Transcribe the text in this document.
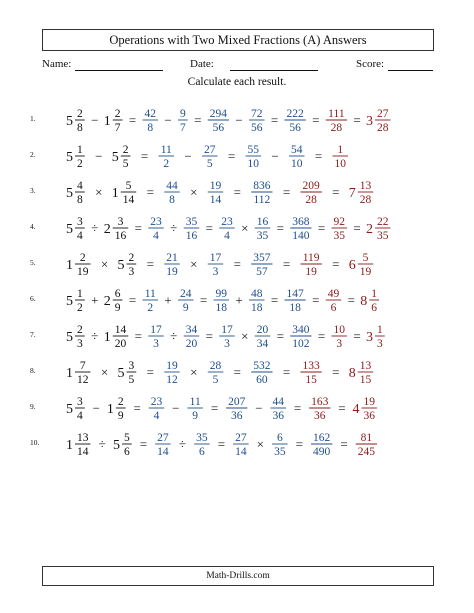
Operations with Two Mixed Fractions (A) Answers
Name:	Date:	Score:
Calculate each result.
1. 5 2
8
− 1 2
7
= 42
8
− 9
7
= 294
56
− 72
56
= 222
56
= 111
28
= 3 27
28
2. 5 1
2
− 5 2
5
= 11
2
− 27
5
= 55
10
− 54
10
= 1
10
3. 5 4
8
× 1 5
14
= 44
8
× 19
14
= 836
112
= 209
28
= 7 13
28
4. 5 3
4
÷ 2 3
16
= 23
4
÷ 35
16
= 23
4
× 16
35
= 368
140
= 92
35
= 2 22
35
5. 1 2
19
× 5 2
3
= 21
19
× 17
3
= 357
57
= 119
19
= 6 5
19
6. 5 1
2
+ 2 6
9
= 11
2
+ 24
9
= 99
18
+ 48
18
= 147
18
= 49
6
= 8 1
6
7. 5 2
3
÷ 1 14
20
= 17
3
÷ 34
20
= 17
3
× 20
34
= 340
102
= 10
3
= 3 1
3
8. 1 7
12
× 5 3
5
= 19
12
× 28
5
= 532
60
= 133
15
= 8 13
15
9. 5 3
4
− 1 2
9
= 23
4
− 11
9
= 207
36
− 44
36
= 163
36
= 4 19
36
10. 1 13
14
÷ 5 5
6
= 27
14
÷ 35
6
= 27
14
× 6
35
= 162
490
= 81
245
Math-Drills.com
